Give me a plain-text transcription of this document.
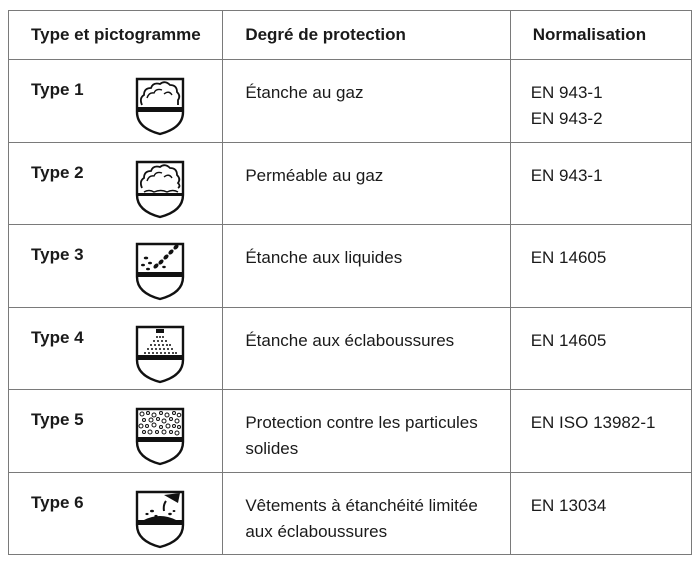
Type et pictogramme	Degré de protection	Normalisation

Type 1	Étanche au gaz	EN 943-1
EN 943-2

Type 2	Perméable au gaz	EN 943-1

Type 3	Étanche aux liquides	EN 14605

Type 4	Étanche aux éclaboussures	EN 14605

Type 5	Protection contre les particules solides	EN ISO 13982-1

Type 6	Vêtements à étanchéité limitée aux éclaboussures	EN 13034
